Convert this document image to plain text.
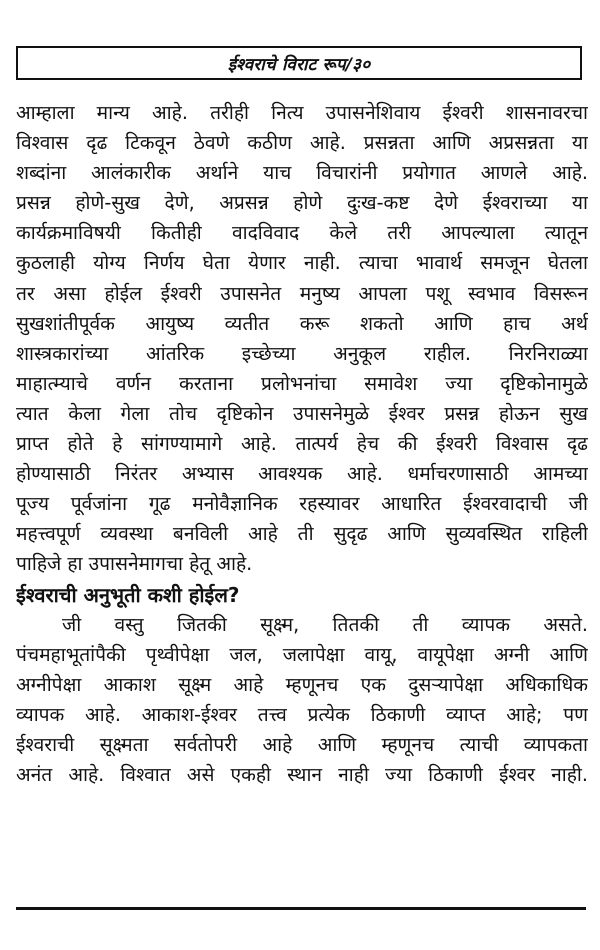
ईश्वराचे विराट रूप/३०
आम्हाला मान्य आहे. तरीही नित्य उपासनेशिवाय ईश्वरी शासनावरचा
विश्वास दृढ टिकवून ठेवणे कठीण आहे. प्रसन्नता आणि अप्रसन्नता या
शब्दांना आलंकारीक अर्थाने याच विचारांनी प्रयोगात आणले आहे.
प्रसन्न होणे-सुख देणे, अप्रसन्न होणे दुःख-कष्ट देणे ईश्वराच्या या
कार्यक्रमाविषयी कितीही वादविवाद केले तरी आपल्याला त्यातून
कुठलाही योग्य निर्णय घेता येणार नाही. त्याचा भावार्थ समजून घेतला
तर असा होईल ईश्वरी उपासनेत मनुष्य आपला पशू स्वभाव विसरून
सुखशांतीपूर्वक आयुष्य व्यतीत करू शकतो आणि हाच अर्थ
शास्त्रकारांच्या आंतरिक इच्छेच्या अनुकूल राहील. निरनिराळ्या
माहात्म्याचे वर्णन करताना प्रलोभनांचा समावेश ज्या दृष्टिकोनामुळे
त्यात केला गेला तोच दृष्टिकोन उपासनेमुळे ईश्वर प्रसन्न होऊन सुख
प्राप्त होते हे सांगण्यामागे आहे. तात्पर्य हेच की ईश्वरी विश्वास दृढ
होण्यासाठी निरंतर अभ्यास आवश्यक आहे. धर्माचरणासाठी आमच्या
पूज्य पूर्वजांना गूढ मनोवैज्ञानिक रहस्यावर आधारित ईश्वरवादाची जी
महत्त्वपूर्ण व्यवस्था बनविली आहे ती सुदृढ आणि सुव्यवस्थित राहिली
पाहिजे हा उपासनेमागचा हेतू आहे.
ईश्वराची अनुभूती कशी होईल?
जी वस्तु जितकी सूक्ष्म, तितकी ती व्यापक असते.
पंचमहाभूतांपैकी पृथ्वीपेक्षा जल, जलापेक्षा वायू, वायूपेक्षा अग्नी आणि
अग्नीपेक्षा आकाश सूक्ष्म आहे म्हणूनच एक दुसऱ्यापेक्षा अधिकाधिक
व्यापक आहे. आकाश-ईश्वर तत्त्व प्रत्येक ठिकाणी व्याप्त आहे; पण
ईश्वराची सूक्ष्मता सर्वतोपरी आहे आणि म्हणूनच त्याची व्यापकता
अनंत आहे. विश्वात असे एकही स्थान नाही ज्या ठिकाणी ईश्वर नाही.
